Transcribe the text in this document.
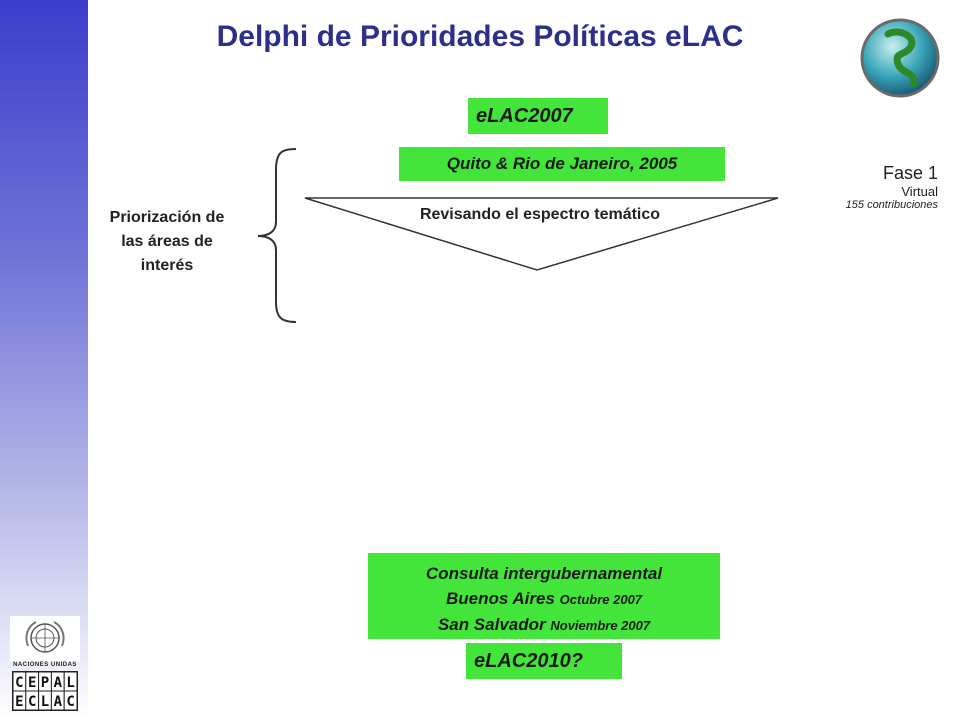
Delphi de Prioridades Políticas eLAC
eLAC2007
Quito & Rio de Janeiro, 2005
Priorización de
las áreas de
interés
Revisando el espectro temático
Fase 1
Virtual
155 contribuciones
Consulta intergubernamental
Buenos Aires Octubre 2007
San Salvador Noviembre 2007
eLAC2010?
NACIONES UNIDAS
C E P A L
E C L A C
